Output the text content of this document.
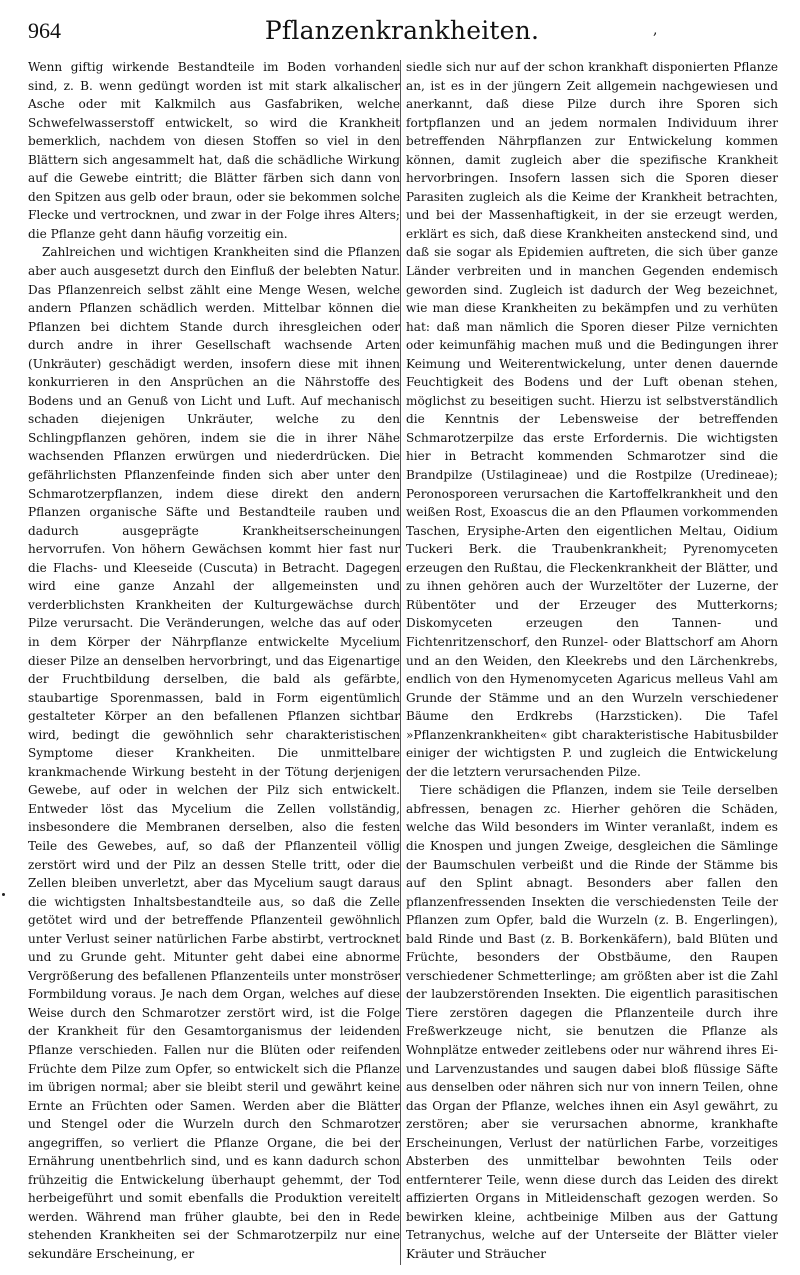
964	Pflanzenkrankheiten.	,

Wenn giftig wirkende Bestandteile im Boden vorhanden sind, z. B. wenn gedüngt worden ist mit stark alkalischer Asche oder mit Kalkmilch aus Gasfabriken, welche Schwefelwasserstoff entwickelt, so wird die Krankheit bemerklich, nachdem von diesen Stoffen so viel in den Blättern sich angesammelt hat, daß die schädliche Wirkung auf die Gewebe eintritt; die Blätter färben sich dann von den Spitzen aus gelb oder braun, oder sie bekommen solche Flecke und vertrocknen, und zwar in der Folge ihres Alters; die Pflanze geht dann häufig vorzeitig ein.

Zahlreichen und wichtigen Krankheiten sind die Pflanzen aber auch ausgesetzt durch den Einfluß der belebten Natur. Das Pflanzenreich selbst zählt eine Menge Wesen, welche andern Pflanzen schädlich werden. Mittelbar können die Pflanzen bei dichtem Stande durch ihresgleichen oder durch andre in ihrer Gesellschaft wachsende Arten (Unkräuter) geschädigt werden, insofern diese mit ihnen konkurrieren in den Ansprüchen an die Nährstoffe des Bodens und an Genuß von Licht und Luft. Auf mechanisch schaden diejenigen Unkräuter, welche zu den Schlingpflanzen gehören, indem sie die in ihrer Nähe wachsenden Pflanzen erwürgen und niederdrücken. Die gefährlichsten Pflanzenfeinde finden sich aber unter den Schmarotzerpflanzen, indem diese direkt den andern Pflanzen organische Säfte und Bestandteile rauben und dadurch ausgeprägte Krankheitserscheinungen hervorrufen. Von höhern Gewächsen kommt hier fast nur die Flachs- und Kleeseide (Cuscuta) in Betracht. Dagegen wird eine ganze Anzahl der allgemeinsten und verderblichsten Krankheiten der Kulturgewächse durch Pilze verursacht. Die Veränderungen, welche das auf oder in dem Körper der Nährpflanze entwickelte Mycelium dieser Pilze an denselben hervorbringt, und das Eigenartige der Fruchtbildung derselben, die bald als gefärbte, staubartige Sporenmassen, bald in Form eigentümlich gestalteter Körper an den befallenen Pflanzen sichtbar wird, bedingt die gewöhnlich sehr charakteristischen Symptome dieser Krankheiten. Die unmittelbare krankmachende Wirkung besteht in der Tötung derjenigen Gewebe, auf oder in welchen der Pilz sich entwickelt. Entweder löst das Mycelium die Zellen vollständig, insbesondere die Membranen derselben, also die festen Teile des Gewebes, auf, so daß der Pflanzenteil völlig zerstört wird und der Pilz an dessen Stelle tritt, oder die Zellen bleiben unverletzt, aber das Mycelium saugt daraus die wichtigsten Inhaltsbestandteile aus, so daß die Zelle getötet wird und der betreffende Pflanzenteil gewöhnlich unter Verlust seiner natürlichen Farbe abstirbt, vertrocknet und zu Grunde geht. Mitunter geht dabei eine abnorme Vergrößerung des befallenen Pflanzenteils unter monströser Formbildung voraus. Je nach dem Organ, welches auf diese Weise durch den Schmarotzer zerstört wird, ist die Folge der Krankheit für den Gesamtorganismus der leidenden Pflanze verschieden. Fallen nur die Blüten oder reifenden Früchte dem Pilze zum Opfer, so entwickelt sich die Pflanze im übrigen normal; aber sie bleibt steril und gewährt keine Ernte an Früchten oder Samen. Werden aber die Blätter und Stengel oder die Wurzeln durch den Schmarotzer angegriffen, so verliert die Pflanze Organe, die bei der Ernährung unentbehrlich sind, und es kann dadurch schon frühzeitig die Entwickelung überhaupt gehemmt, der Tod herbeigeführt und somit ebenfalls die Produktion vereitelt werden. Während man früher glaubte, bei den in Rede stehenden Krankheiten sei der Schmarotzerpilz nur eine sekundäre Erscheinung, er

siedle sich nur auf der schon krankhaft disponierten Pflanze an, ist es in der jüngern Zeit allgemein nachgewiesen und anerkannt, daß diese Pilze durch ihre Sporen sich fortpflanzen und an jedem normalen Individuum ihrer betreffenden Nährpflanzen zur Entwickelung kommen können, damit zugleich aber die spezifische Krankheit hervorbringen. Insofern lassen sich die Sporen dieser Parasiten zugleich als die Keime der Krankheit betrachten, und bei der Massenhaftigkeit, in der sie erzeugt werden, erklärt es sich, daß diese Krankheiten ansteckend sind, und daß sie sogar als Epidemien auftreten, die sich über ganze Länder verbreiten und in manchen Gegenden endemisch geworden sind. Zugleich ist dadurch der Weg bezeichnet, wie man diese Krankheiten zu bekämpfen und zu verhüten hat: daß man nämlich die Sporen dieser Pilze vernichten oder keimunfähig machen muß und die Bedingungen ihrer Keimung und Weiterentwickelung, unter denen dauernde Feuchtigkeit des Bodens und der Luft obenan stehen, möglichst zu beseitigen sucht. Hierzu ist selbstverständlich die Kenntnis der Lebensweise der betreffenden Schmarotzerpilze das erste Erfordernis. Die wichtigsten hier in Betracht kommenden Schmarotzer sind die Brandpilze (Ustilagineae) und die Rostpilze (Uredineae); Peronosporeen verursachen die Kartoffelkrankheit und den weißen Rost, Exoascus die an den Pflaumen vorkommenden Taschen, Erysiphe-Arten den eigentlichen Meltau, Oidium Tuckeri Berk. die Traubenkrankheit; Pyrenomyceten erzeugen den Rußtau, die Fleckenkrankheit der Blätter, und zu ihnen gehören auch der Wurzeltöter der Luzerne, der Rübentöter und der Erzeuger des Mutterkorns; Diskomyceten erzeugen den Tannen- und Fichtenritzenschorf, den Runzel- oder Blattschorf am Ahorn und an den Weiden, den Kleekrebs und den Lärchenkrebs, endlich von den Hymenomyceten Agaricus melleus Vahl am Grunde der Stämme und an den Wurzeln verschiedener Bäume den Erdkrebs (Harzsticken). Die Tafel »Pflanzenkrankheiten« gibt charakteristische Habitusbilder einiger der wichtigsten P. und zugleich die Entwickelung der die letztern verursachenden Pilze.

Tiere schädigen die Pflanzen, indem sie Teile derselben abfressen, benagen zc. Hierher gehören die Schäden, welche das Wild besonders im Winter veranlaßt, indem es die Knospen und jungen Zweige, desgleichen die Sämlinge der Baumschulen verbeißt und die Rinde der Stämme bis auf den Splint abnagt. Besonders aber fallen den pflanzenfressenden Insekten die verschiedensten Teile der Pflanzen zum Opfer, bald die Wurzeln (z. B. Engerlingen), bald Rinde und Bast (z. B. Borkenkäfern), bald Blüten und Früchte, besonders der Obstbäume, den Raupen verschiedener Schmetterlinge; am größten aber ist die Zahl der laubzerstörenden Insekten. Die eigentlich parasitischen Tiere zerstören dagegen die Pflanzenteile durch ihre Freßwerkzeuge nicht, sie benutzen die Pflanze als Wohnplätze entweder zeitlebens oder nur während ihres Ei- und Larvenzustandes und saugen dabei bloß flüssige Säfte aus denselben oder nähren sich nur von innern Teilen, ohne das Organ der Pflanze, welches ihnen ein Asyl gewährt, zu zerstören; aber sie verursachen abnorme, krankhafte Erscheinungen, Verlust der natürlichen Farbe, vorzeitiges Absterben des unmittelbar bewohnten Teils oder entfernterer Teile, wenn diese durch das Leiden des direkt affizierten Organs in Mitleidenschaft gezogen werden. So bewirken kleine, achtbeinige Milben aus der Gattung Tetranychus, welche auf der Unterseite der Blätter vieler Kräuter und Sträucher
